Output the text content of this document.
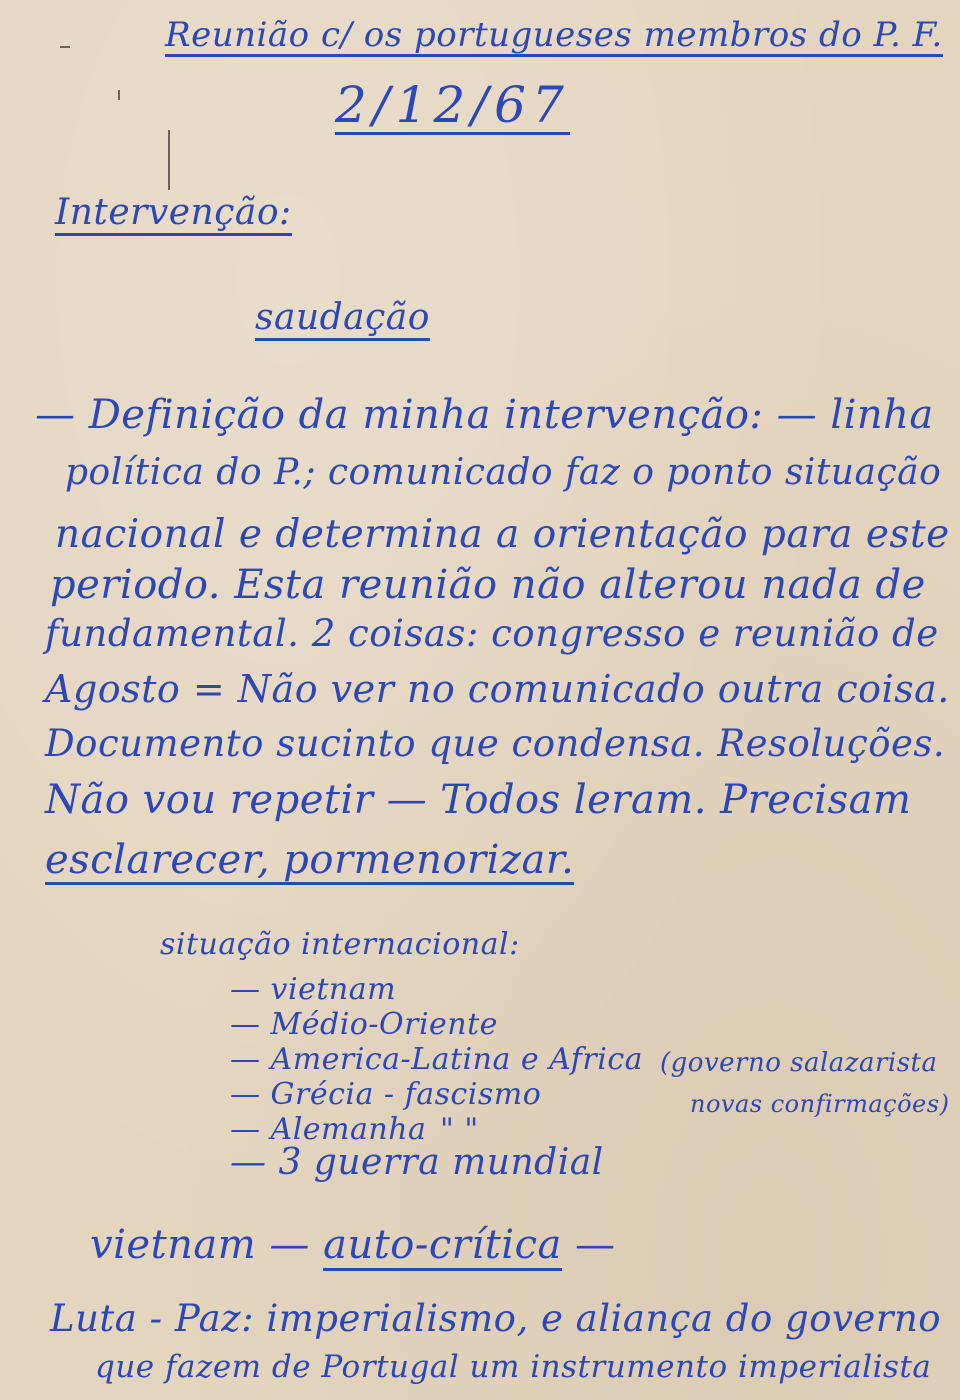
Reunião c/ os portugueses membros do P. F.
2/12/67
Intervenção:
saudação
— Definição da minha intervenção: — linha
política do P.; comunicado faz o ponto situação
nacional e determina a orientação para este
periodo. Esta reunião não alterou nada de
fundamental. 2 coisas: congresso e reunião de
Agosto = Não ver no comunicado outra coisa.
Documento sucinto que condensa. Resoluções.
Não vou repetir — Todos leram. Precisam
esclarecer, pormenorizar.
situação internacional:
— vietnam
— Médio-Oriente
— America-Latina e Africa
— Grécia - fascismo
— Alemanha " "
— 3 guerra mundial
(governo salazarista
novas confirmações)
vietnam — auto-crítica —
Luta - Paz: imperialismo, e aliança do governo
que fazem de Portugal um instrumento imperialista
